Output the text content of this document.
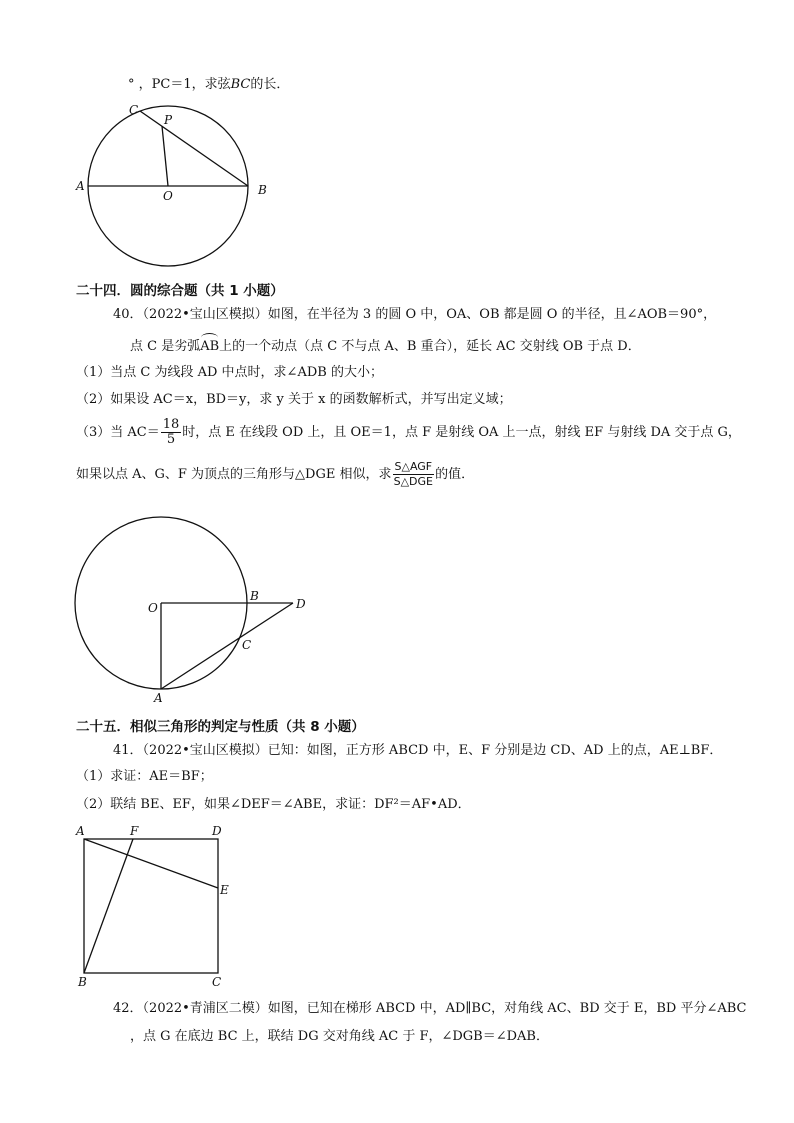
° ，PC＝1，求弦BC的长．
A	B
C
P
O
二十四．圆的综合题（共 1 小题）
40．（2022•宝山区模拟）如图，在半径为 3 的圆 O 中，OA、OB 都是圆 O 的半径，且∠AOB＝90°，
点 C 是劣弧AB上的一个动点（点 C 不与点 A、B 重合），延长 AC 交射线 OB 于点 D．
（1）当点 C 为线段 AD 中点时，求∠ADB 的大小；
（2）如果设 AC＝x，BD＝y，求 y 关于 x 的函数解析式，并写出定义域；
（3）当 $AC= \frac{18}{5}$ 时，点 E 在线段 OD 上，且 OE＝1，点 F 是射线 OA 上一点，射线 EF 与射线 DA 交于点 G，
如果以点 A、G、F 为顶点的三角形与△DGE 相似，求 $\frac{\text{S△AGF}}{\text{S△DGE}}$ 的值．
O
B
D
C
A
二十五．相似三角形的判定与性质（共 8 小题）
41．（2022•宝山区模拟）已知：如图，正方形 ABCD 中，E、F 分别是边 CD、AD 上的点，AE⊥BF．
（1）求证：AE＝BF；
（2）联结 BE、EF，如果∠DEF＝∠ABE，求证：DF²＝AF•AD．
A	F	D
E
B	C
42．（2022•青浦区二模）如图，已知在梯形 ABCD 中，AD∥BC，对角线 AC、BD 交于 E，BD 平分∠ABC
，点 G 在底边 BC 上，联结 DG 交对角线 AC 于 F，∠DGB＝∠DAB．
